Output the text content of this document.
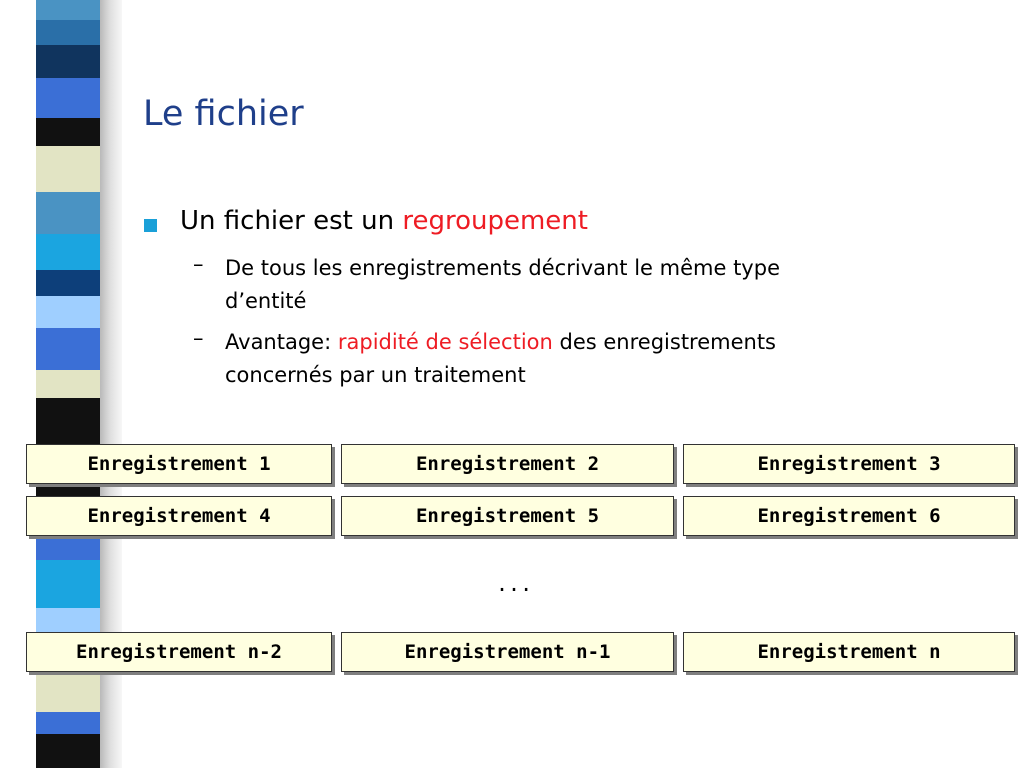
Le fichier
Un fichier est un regroupement
– De tous les enregistrements décrivant le même type
d’entité
– Avantage: rapidité de sélection des enregistrements
concernés par un traitement
Enregistrement 1	Enregistrement 2	Enregistrement 3
Enregistrement 4	Enregistrement 5	Enregistrement 6
...
Enregistrement n-2	Enregistrement n-1	Enregistrement n
